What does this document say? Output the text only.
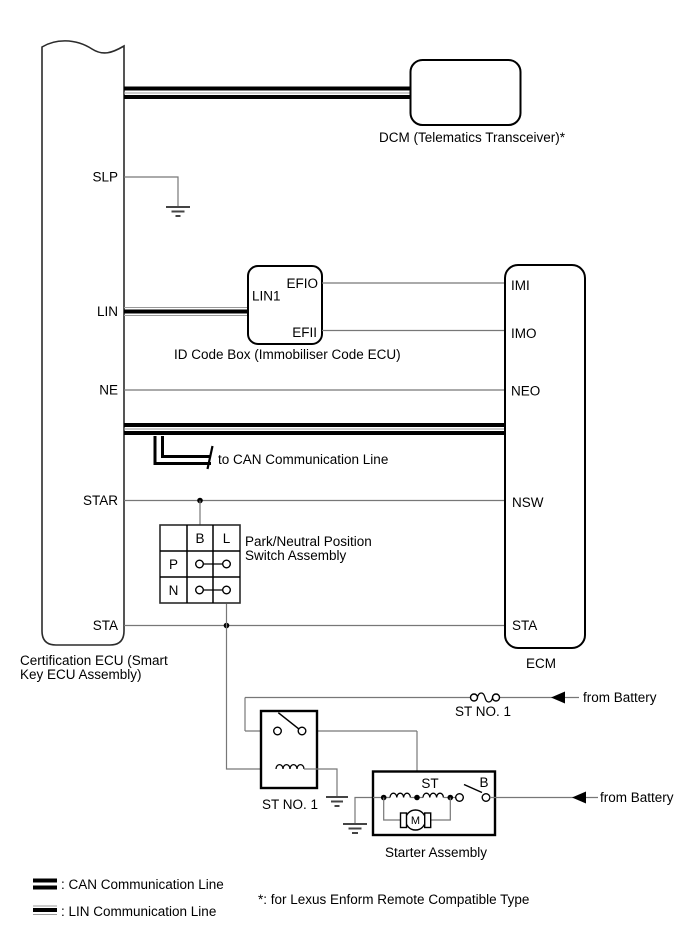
SLP
LIN
NE
STAR
STA
Certification ECU (Smart
Key ECU Assembly)
DCM (Telematics Transceiver)*
LIN1
EFIO
EFII
ID Code Box (Immobiliser Code ECU)
to CAN Communication Line
B L
P
N
Park/Neutral Position
Switch Assembly
IMI
IMO
NEO
NSW
STA
ECM
ST NO. 1
from Battery
ST NO. 1
M
ST	B
from Battery
Starter Assembly
: CAN Communication Line
: LIN Communication Line
*: for Lexus Enform Remote Compatible Type
